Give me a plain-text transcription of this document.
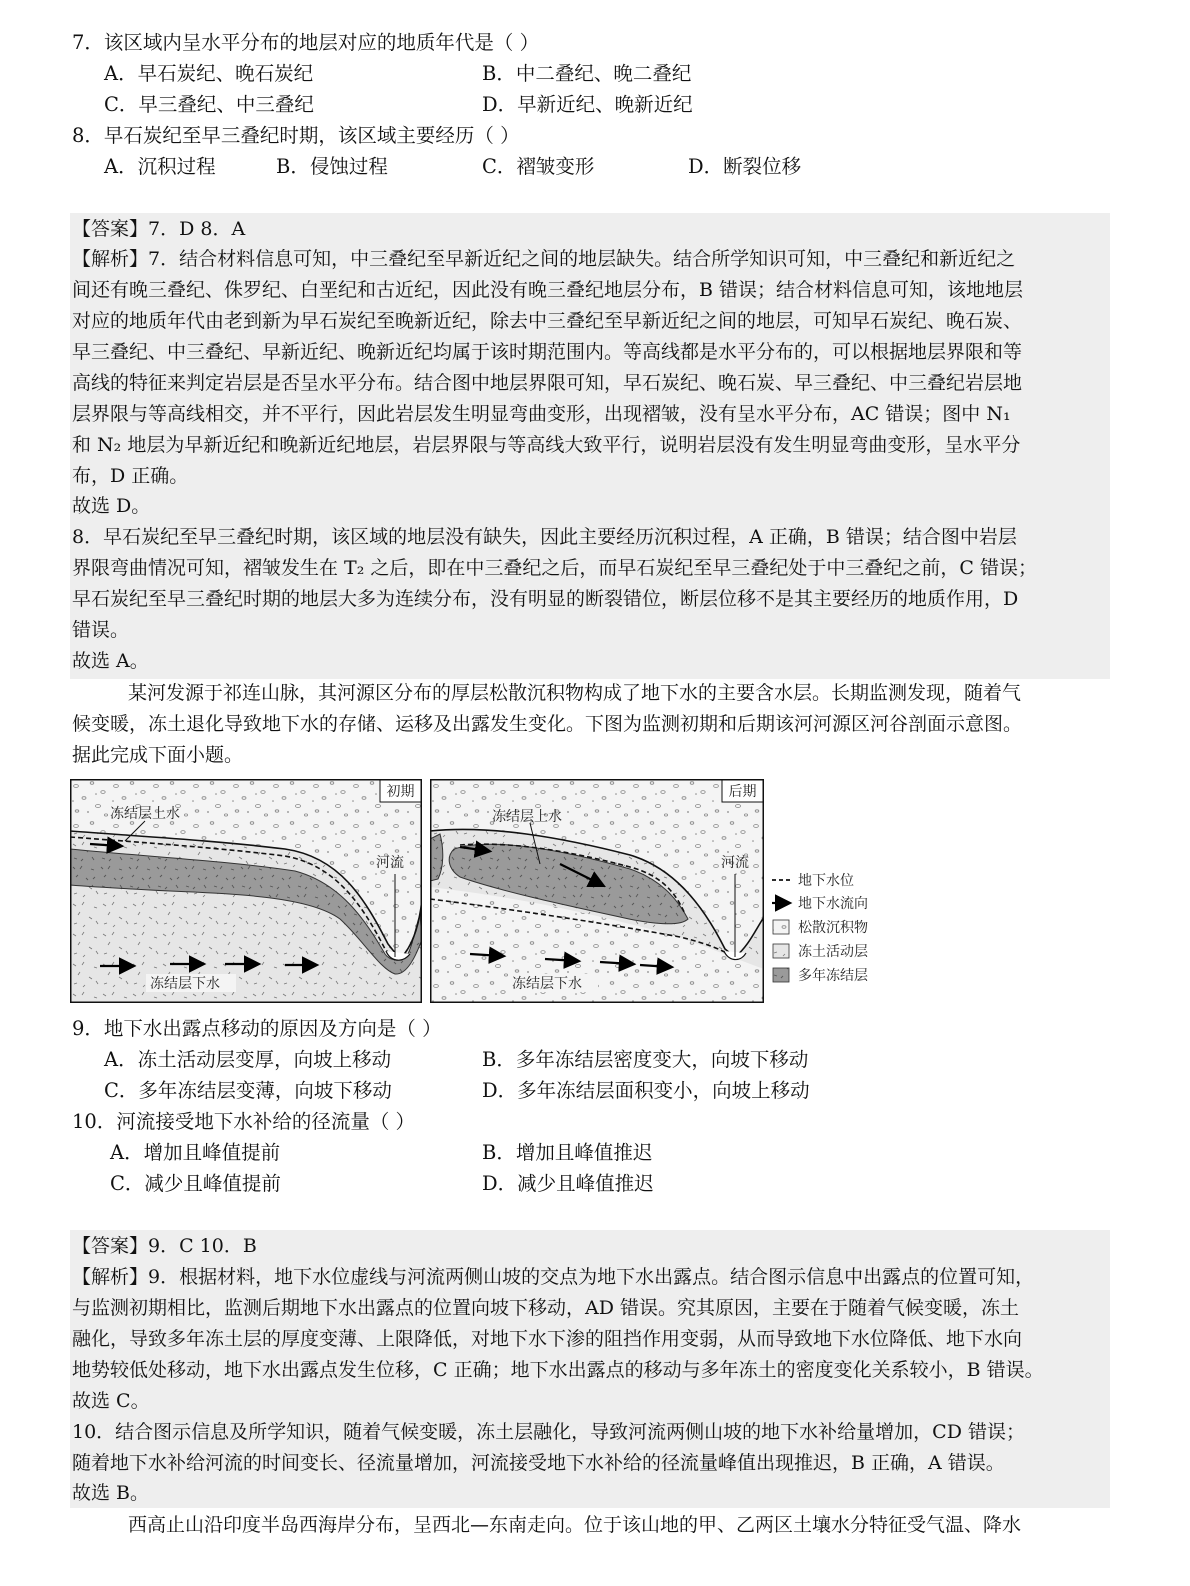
7．该区域内呈水平分布的地层对应的地质年代是（ ）
A．早石炭纪、晚石炭纪	B．中二叠纪、晚二叠纪
C．早三叠纪、中三叠纪	D．早新近纪、晚新近纪
8．早石炭纪至早三叠纪时期，该区域主要经历（ ）
A．沉积过程	B．侵蚀过程	C．褶皱变形	D．断裂位移
【答案】7．D 8．A
【解析】7．结合材料信息可知，中三叠纪至早新近纪之间的地层缺失。结合所学知识可知，中三叠纪和新近纪之
间还有晚三叠纪、侏罗纪、白垩纪和古近纪，因此没有晚三叠纪地层分布，B 错误；结合材料信息可知，该地地层
对应的地质年代由老到新为早石炭纪至晚新近纪，除去中三叠纪至早新近纪之间的地层，可知早石炭纪、晚石炭、
早三叠纪、中三叠纪、早新近纪、晚新近纪均属于该时期范围内。等高线都是水平分布的，可以根据地层界限和等
高线的特征来判定岩层是否呈水平分布。结合图中地层界限可知，早石炭纪、晚石炭、早三叠纪、中三叠纪岩层地
层界限与等高线相交，并不平行，因此岩层发生明显弯曲变形，出现褶皱，没有呈水平分布，AC 错误；图中 N₁
和 N₂ 地层为早新近纪和晚新近纪地层，岩层界限与等高线大致平行，说明岩层没有发生明显弯曲变形，呈水平分
布，D 正确。
故选 D。
8．早石炭纪至早三叠纪时期，该区域的地层没有缺失，因此主要经历沉积过程，A 正确，B 错误；结合图中岩层
界限弯曲情况可知，褶皱发生在 T₂ 之后，即在中三叠纪之后，而早石炭纪至早三叠纪处于中三叠纪之前，C 错误；
早石炭纪至早三叠纪时期的地层大多为连续分布，没有明显的断裂错位，断层位移不是其主要经历的地质作用，D
错误。
故选 A。
某河发源于祁连山脉，其河源区分布的厚层松散沉积物构成了地下水的主要含水层。长期监测发现，随着气
候变暖，冻土退化导致地下水的存储、运移及出露发生变化。下图为监测初期和后期该河河源区河谷剖面示意图。
据此完成下面小题。
初期
冻结层上水
河流
冻结层下水
后期
冻结层上水
河流
冻结层下水
地下水位
地下水流向
松散沉积物
冻土活动层
多年冻结层
9．地下水出露点移动的原因及方向是（ ）
A．冻土活动层变厚，向坡上移动	B．多年冻结层密度变大，向坡下移动
C．多年冻结层变薄，向坡下移动	D．多年冻结层面积变小，向坡上移动
10．河流接受地下水补给的径流量（ ）
A．增加且峰值提前	B．增加且峰值推迟
C．减少且峰值提前	D．减少且峰值推迟
【答案】9．C 10．B
【解析】9．根据材料，地下水位虚线与河流两侧山坡的交点为地下水出露点。结合图示信息中出露点的位置可知，
与监测初期相比，监测后期地下水出露点的位置向坡下移动，AD 错误。究其原因，主要在于随着气候变暖，冻土
融化，导致多年冻土层的厚度变薄、上限降低，对地下水下渗的阻挡作用变弱，从而导致地下水位降低、地下水向
地势较低处移动，地下水出露点发生位移，C 正确；地下水出露点的移动与多年冻土的密度变化关系较小，B 错误。
故选 C。
10．结合图示信息及所学知识，随着气候变暖，冻土层融化，导致河流两侧山坡的地下水补给量增加，CD 错误；
随着地下水补给河流的时间变长、径流量增加，河流接受地下水补给的径流量峰值出现推迟，B 正确，A 错误。
故选 B。
西高止山沿印度半岛西海岸分布，呈西北—东南走向。位于该山地的甲、乙两区土壤水分特征受气温、降水
